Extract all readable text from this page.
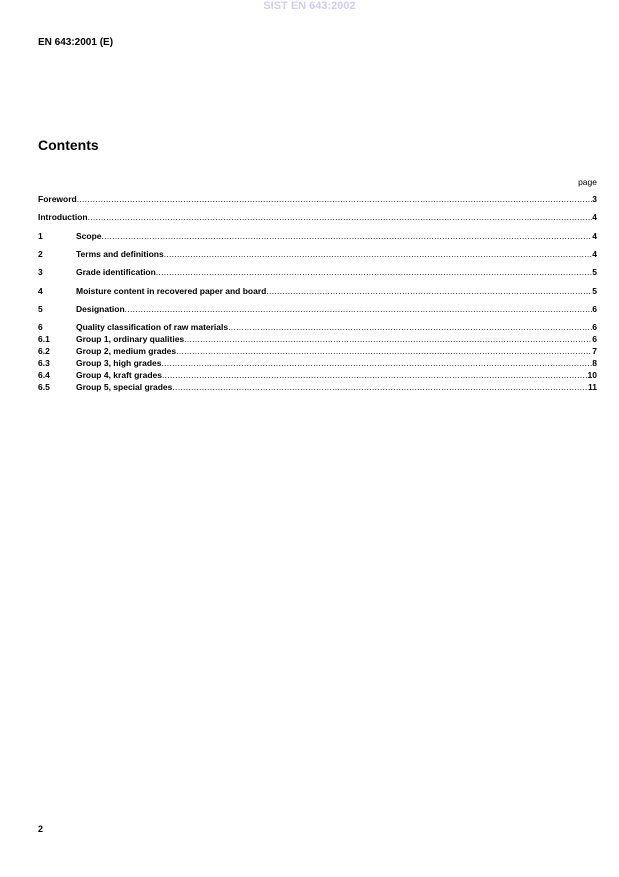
SIST EN 643:2002
EN 643:2001 (E)
Contents
page
Foreword .....	3
Introduction .....	4
1	Scope .....	4
2	Terms and definitions .....	4
3	Grade identification .....	5
4	Moisture content in recovered paper and board .....	5
5	Designation .....	6
6	Quality classification of raw materials .....	6
6.1	Group 1, ordinary qualities .....	6
6.2	Group 2, medium grades .....	7
6.3	Group 3, high grades .....	8
6.4	Group 4, kraft grades .....	10
6.5	Group 5, special grades .....	11
2
